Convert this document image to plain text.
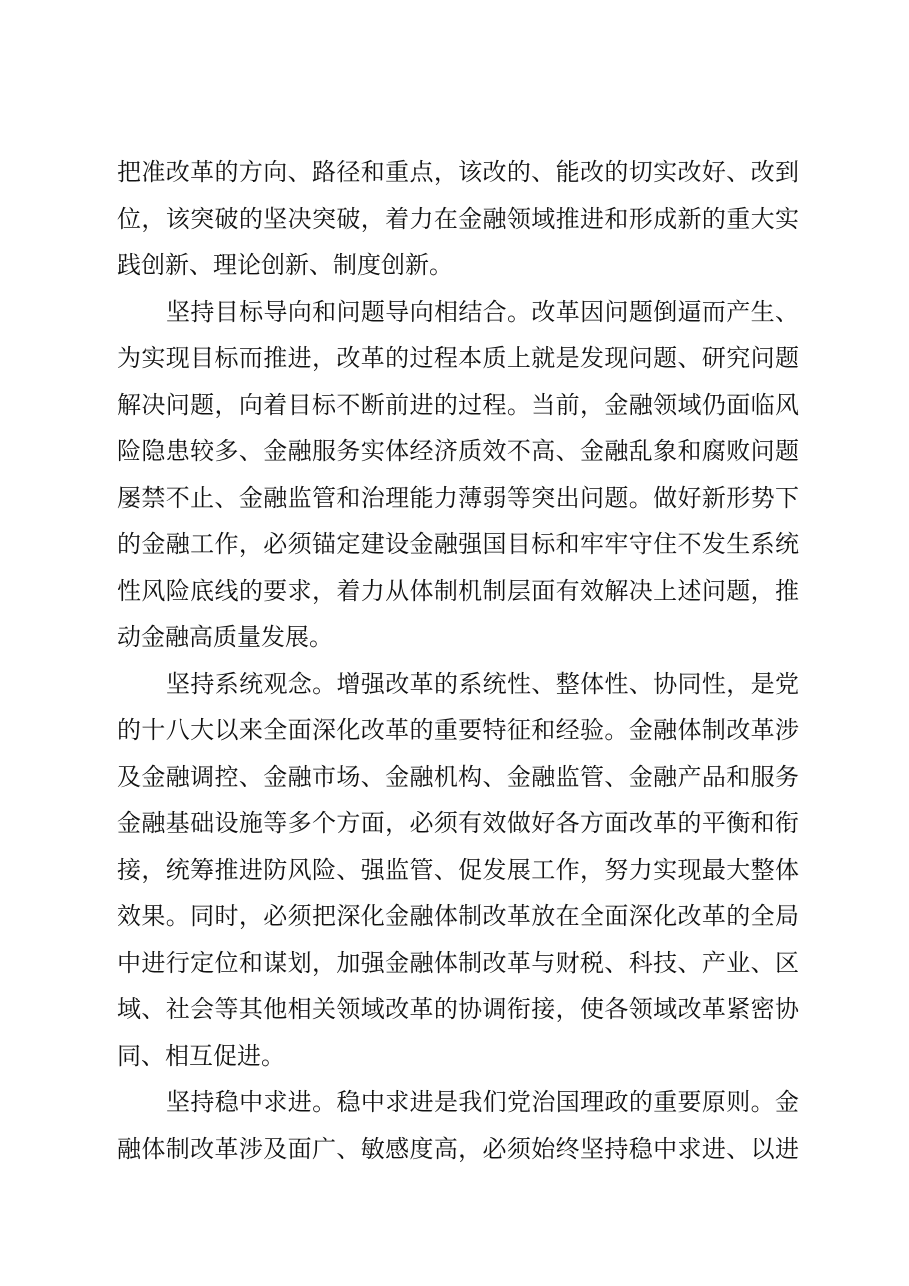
把准改革的方向、路径和重点，该改的、能改的切实改好、改到
位，该突破的坚决突破，着力在金融领域推进和形成新的重大实
践创新、理论创新、制度创新。
坚持目标导向和问题导向相结合。改革因问题倒逼而产生、
为实现目标而推进，改革的过程本质上就是发现问题、研究问题
解决问题，向着目标不断前进的过程。当前，金融领域仍面临风
险隐患较多、金融服务实体经济质效不高、金融乱象和腐败问题
屡禁不止、金融监管和治理能力薄弱等突出问题。做好新形势下
的金融工作，必须锚定建设金融强国目标和牢牢守住不发生系统
性风险底线的要求，着力从体制机制层面有效解决上述问题，推
动金融高质量发展。
坚持系统观念。增强改革的系统性、整体性、协同性，是党
的十八大以来全面深化改革的重要特征和经验。金融体制改革涉
及金融调控、金融市场、金融机构、金融监管、金融产品和服务
金融基础设施等多个方面，必须有效做好各方面改革的平衡和衔
接，统筹推进防风险、强监管、促发展工作，努力实现最大整体
效果。同时，必须把深化金融体制改革放在全面深化改革的全局
中进行定位和谋划，加强金融体制改革与财税、科技、产业、区
域、社会等其他相关领域改革的协调衔接，使各领域改革紧密协
同、相互促进。
坚持稳中求进。稳中求进是我们党治国理政的重要原则。金
融体制改革涉及面广、敏感度高，必须始终坚持稳中求进、以进
